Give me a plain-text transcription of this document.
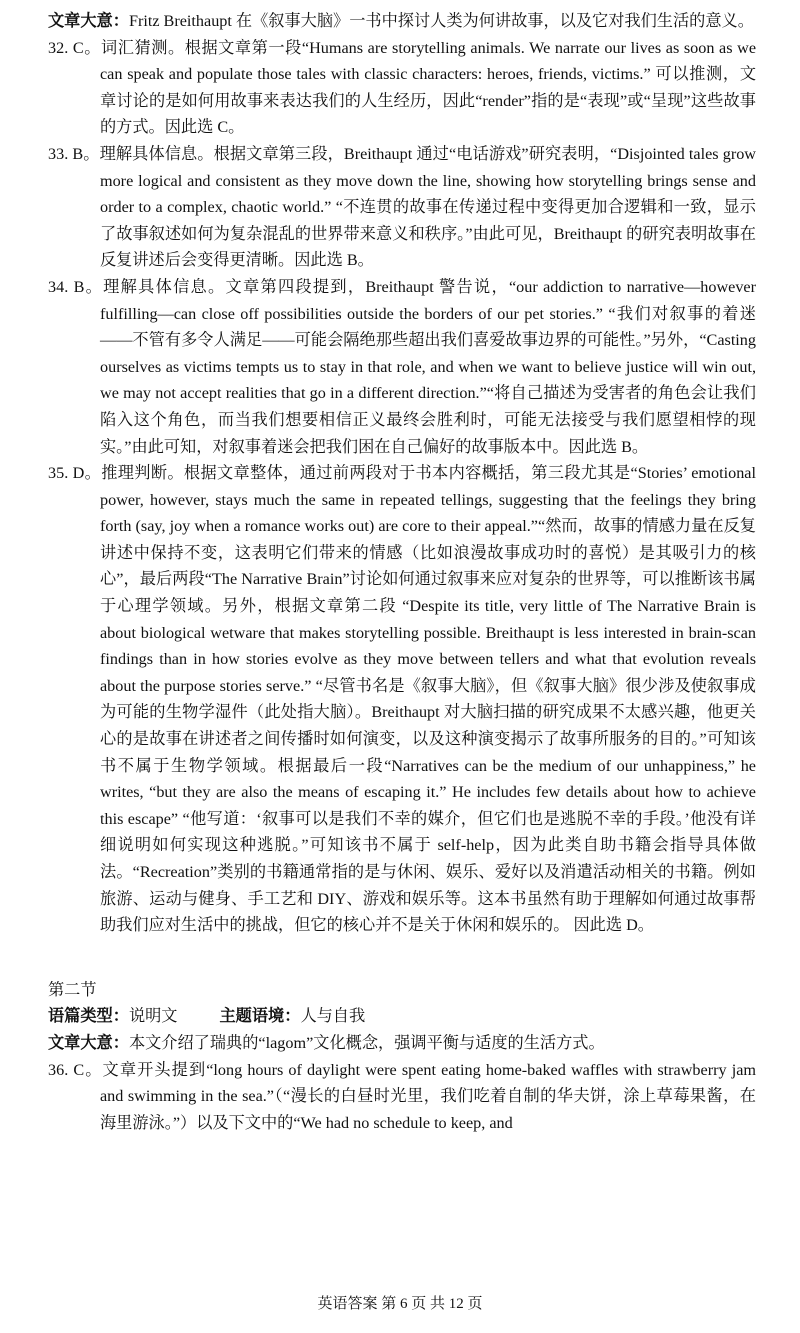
文章大意：Fritz Breithaupt 在《叙事大脑》一书中探讨人类为何讲故事，以及它对我们生活的意义。

32. C。词汇猜测。根据文章第一段“Humans are storytelling animals. We narrate our lives as soon as we can speak and populate those tales with classic characters: heroes, friends, victims.” 可以推测，文章讨论的是如何用故事来表达我们的人生经历，因此“render”指的是“表现”或“呈现”这些故事的方式。因此选 C。

33. B。理解具体信息。根据文章第三段，Breithaupt 通过“电话游戏”研究表明，“Disjointed tales grow more logical and consistent as they move down the line, showing how storytelling brings sense and order to a complex, chaotic world.” “不连贯的故事在传递过程中变得更加合逻辑和一致，显示了故事叙述如何为复杂混乱的世界带来意义和秩序。”由此可见，Breithaupt 的研究表明故事在反复讲述后会变得更清晰。因此选 B。

34. B。理解具体信息。文章第四段提到，Breithaupt 警告说，“our addiction to narrative—however fulfilling—can close off possibilities outside the borders of our pet stories.” “我们对叙事的着迷——不管有多令人满足——可能会隔绝那些超出我们喜爱故事边界的可能性。”另外，“Casting ourselves as victims tempts us to stay in that role, and when we want to believe justice will win out, we may not accept realities that go in a different direction.”“将自己描述为受害者的角色会让我们陷入这个角色，而当我们想要相信正义最终会胜利时，可能无法接受与我们愿望相悖的现实。”由此可知，对叙事着迷会把我们困在自己偏好的故事版本中。因此选 B。

35. D。推理判断。根据文章整体，通过前两段对于书本内容概括，第三段尤其是“Stories’ emotional power, however, stays much the same in repeated tellings, suggesting that the feelings they bring forth (say, joy when a romance works out) are core to their appeal.”“然而，故事的情感力量在反复讲述中保持不变，这表明它们带来的情感（比如浪漫故事成功时的喜悦）是其吸引力的核心”，最后两段“The Narrative Brain”讨论如何通过叙事来应对复杂的世界等，可以推断该书属于心理学领域。另外，根据文章第二段 “Despite its title, very little of The Narrative Brain is about biological wetware that makes storytelling possible. Breithaupt is less interested in brain-scan findings than in how stories evolve as they move between tellers and what that evolution reveals about the purpose stories serve.” “尽管书名是《叙事大脑》，但《叙事大脑》很少涉及使叙事成为可能的生物学湿件（此处指大脑）。Breithaupt 对大脑扫描的研究成果不太感兴趣，他更关心的是故事在讲述者之间传播时如何演变，以及这种演变揭示了故事所服务的目的。”可知该书不属于生物学领域。根据最后一段“Narratives can be the medium of our unhappiness,” he writes, “but they are also the means of escaping it.” He includes few details about how to achieve this escape” “他写道：‘叙事可以是我们不幸的媒介，但它们也是逃脱不幸的手段。’他没有详细说明如何实现这种逃脱。”可知该书不属于 self-help，因为此类自助书籍会指导具体做法。“Recreation”类别的书籍通常指的是与休闲、娱乐、爱好以及消遣活动相关的书籍。例如旅游、运动与健身、手工艺和 DIY、游戏和娱乐等。这本书虽然有助于理解如何通过故事帮助我们应对生活中的挑战，但它的核心并不是关于休闲和娱乐的。 因此选 D。

第二节

语篇类型：说明文	主题语境：人与自我

文章大意：本文介绍了瑞典的“lagom”文化概念，强调平衡与适度的生活方式。

36. C。文章开头提到“long hours of daylight were spent eating home-baked waffles with strawberry jam and swimming in the sea.”（“漫长的白昼时光里，我们吃着自制的华夫饼，涂上草莓果酱，在海里游泳。”）以及下文中的“We had no schedule to keep, and

英语答案 第 6 页 共 12 页
